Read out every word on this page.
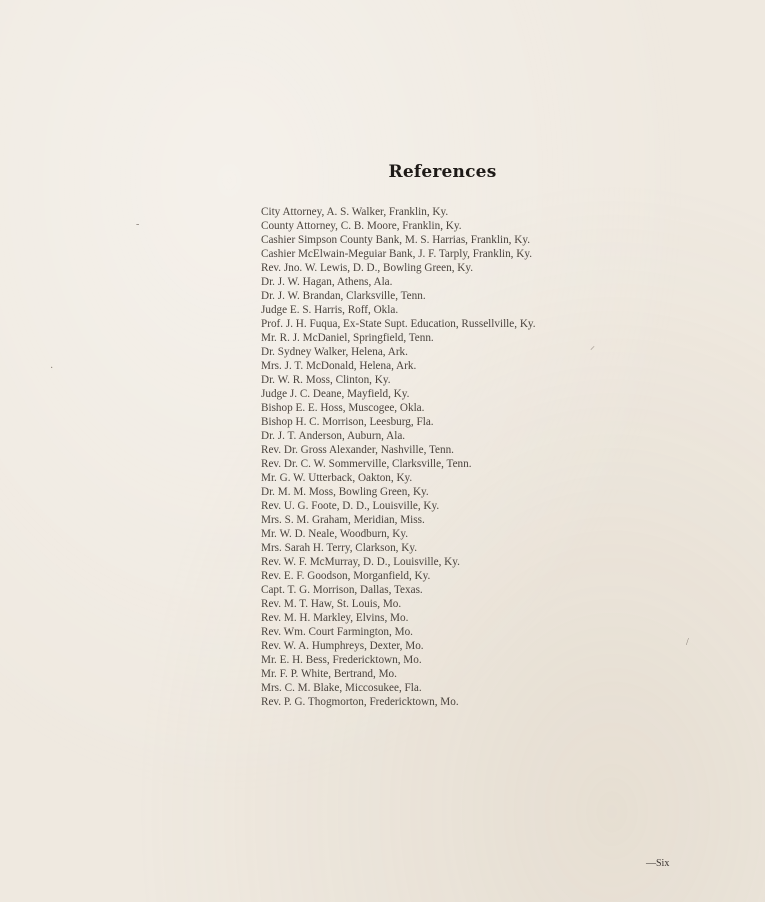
References
City Attorney, A. S. Walker, Franklin, Ky.
County Attorney, C. B. Moore, Franklin, Ky.
Cashier Simpson County Bank, M. S. Harrias, Franklin, Ky.
Cashier McElwain-Meguiar Bank, J. F. Tarply, Franklin, Ky.
Rev. Jno. W. Lewis, D. D., Bowling Green, Ky.
Dr. J. W. Hagan, Athens, Ala.
Dr. J. W. Brandan, Clarksville, Tenn.
Judge E. S. Harris, Roff, Okla.
Prof. J. H. Fuqua, Ex-State Supt. Education, Russellville, Ky.
Mr. R. J. McDaniel, Springfield, Tenn.
Dr. Sydney Walker, Helena, Ark.
Mrs. J. T. McDonald, Helena, Ark.
Dr. W. R. Moss, Clinton, Ky.
Judge J. C. Deane, Mayfield, Ky.
Bishop E. E. Hoss, Muscogee, Okla.
Bishop H. C. Morrison, Leesburg, Fla.
Dr. J. T. Anderson, Auburn, Ala.
Rev. Dr. Gross Alexander, Nashville, Tenn.
Rev. Dr. C. W. Sommerville, Clarksville, Tenn.
Mr. G. W. Utterback, Oakton, Ky.
Dr. M. M. Moss, Bowling Green, Ky.
Rev. U. G. Foote, D. D., Louisville, Ky.
Mrs. S. M. Graham, Meridian, Miss.
Mr. W. D. Neale, Woodburn, Ky.
Mrs. Sarah H. Terry, Clarkson, Ky.
Rev. W. F. McMurray, D. D., Louisville, Ky.
Rev. E. F. Goodson, Morganfield, Ky.
Capt. T. G. Morrison, Dallas, Texas.
Rev. M. T. Haw, St. Louis, Mo.
Rev. M. H. Markley, Elvins, Mo.
Rev. Wm. Court Farmington, Mo.
Rev. W. A. Humphreys, Dexter, Mo.
Mr. E. H. Bess, Fredericktown, Mo.
Mr. F. P. White, Bertrand, Mo.
Mrs. C. M. Blake, Miccosukee, Fla.
Rev. P. G. Thogmorton, Fredericktown, Mo.
—Six
-
·
⸝
/
